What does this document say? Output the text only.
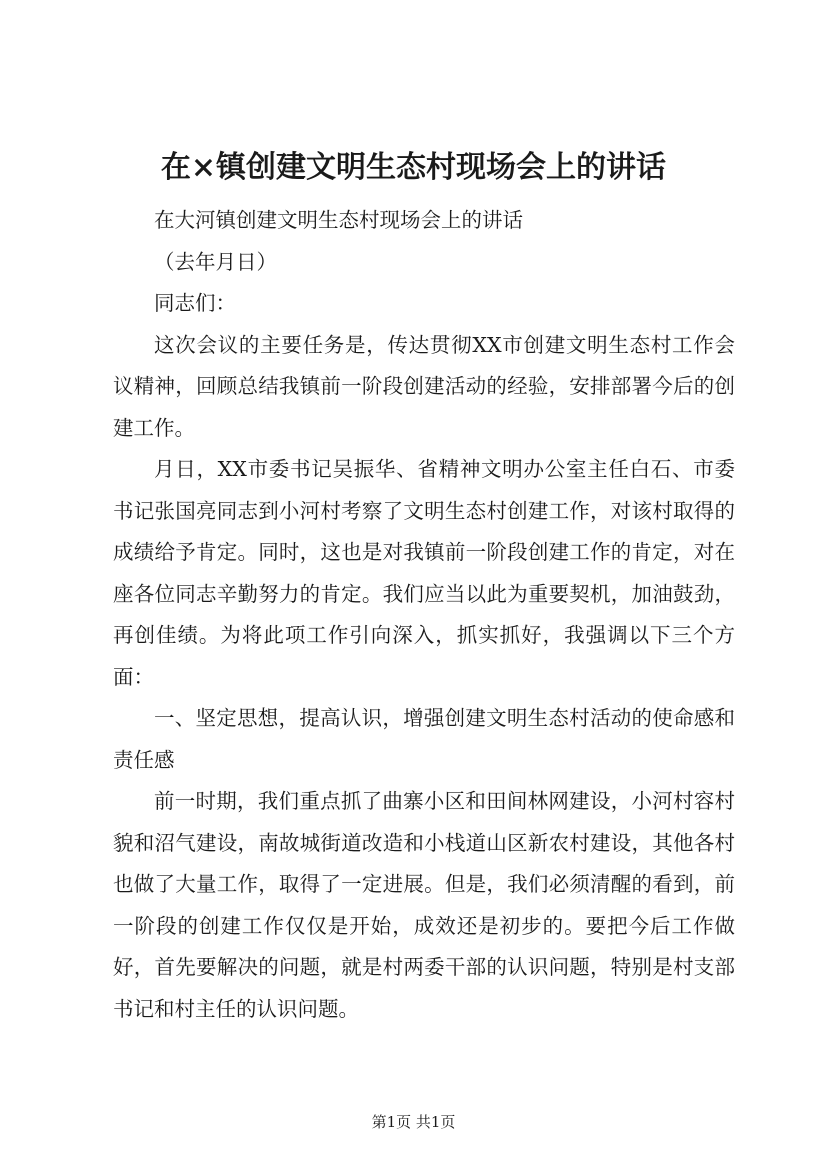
在×镇创建文明生态村现场会上的讲话

在大河镇创建文明生态村现场会上的讲话

（去年月日）

同志们：

这次会议的主要任务是，传达贯彻XX市创建文明生态村工作会议精神，回顾总结我镇前一阶段创建活动的经验，安排部署今后的创建工作。

月日，XX市委书记吴振华、省精神文明办公室主任白石、市委书记张国亮同志到小河村考察了文明生态村创建工作，对该村取得的成绩给予肯定。同时，这也是对我镇前一阶段创建工作的肯定，对在座各位同志辛勤努力的肯定。我们应当以此为重要契机，加油鼓劲，再创佳绩。为将此项工作引向深入，抓实抓好，我强调以下三个方面：

一、坚定思想，提高认识，增强创建文明生态村活动的使命感和责任感

前一时期，我们重点抓了曲寨小区和田间林网建设，小河村容村貌和沼气建设，南故城街道改造和小栈道山区新农村建设，其他各村也做了大量工作，取得了一定进展。但是，我们必须清醒的看到，前一阶段的创建工作仅仅是开始，成效还是初步的。要把今后工作做好，首先要解决的问题，就是村两委干部的认识问题，特别是村支部书记和村主任的认识问题。

第1页 共1页
